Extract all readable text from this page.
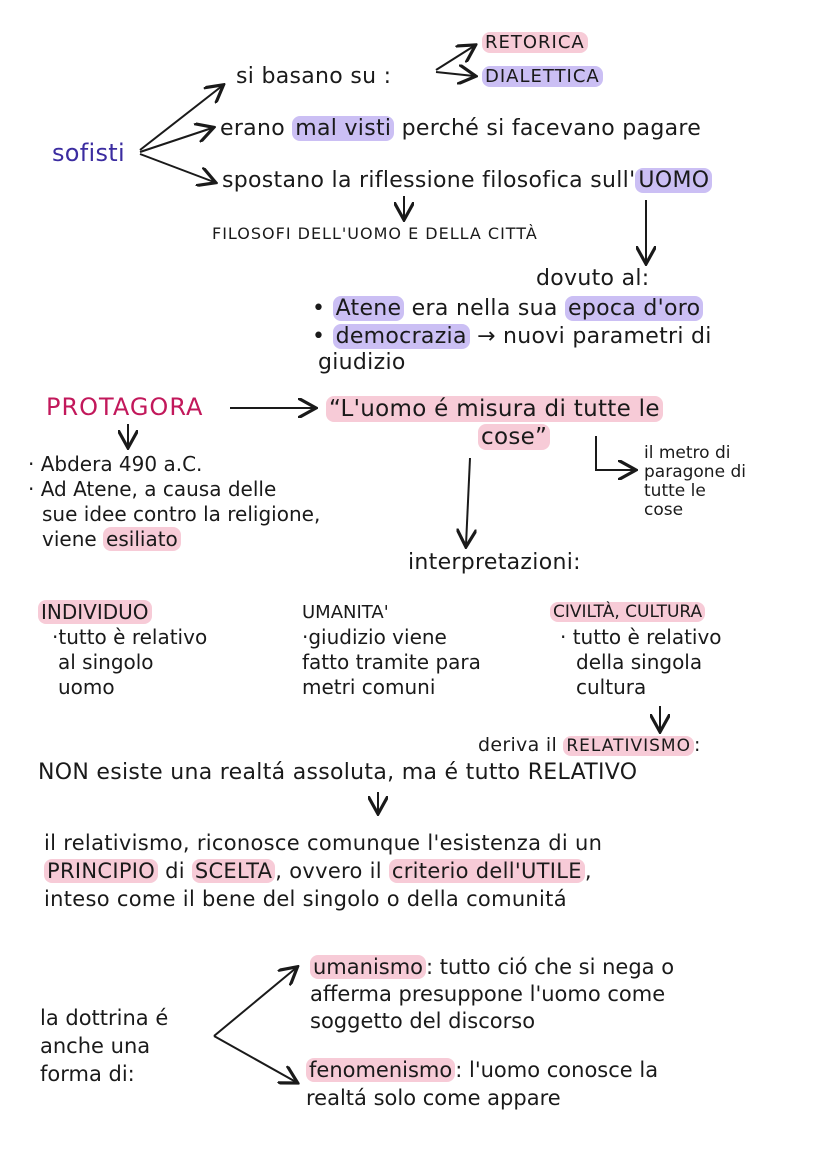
sofisti
si basano su :
RETORICA
DIALETTICA
erano mal visti perché si facevano pagare
spostano la riflessione filosofica sull' UOMO
FILOSOFI DELL'UOMO E DELLA CITTÀ
dovuto al:
• Atene era nella sua epoca d'oro
• democrazia → nuovi parametri di
giudizio
PROTAGORA	“L'uomo é misura di tutte le
cose”
il metro di
paragone di
tutte le
cose
· Abdera 490 a.C.
· Ad Atene, a causa delle
sue idee contro la religione,
viene esiliato
interpretazioni:
INDIVIDUO
·tutto è relativo
al singolo
uomo
UMANITA'
·giudizio viene
fatto tramite para
metri comuni
CIVILTÀ, CULTURA
· tutto è relativo
della singola
cultura
deriva il RELATIVISMO :
NON esiste una realtá assoluta, ma é tutto RELATIVO
il relativismo, riconosce comunque l'esistenza di un
PRINCIPIO di SCELTA , ovvero il criterio dell'UTILE ,
inteso come il bene del singolo o della comunitá
la dottrina é
anche una
forma di:
umanismo : tutto ció che si nega o
afferma presuppone l'uomo come
soggetto del discorso
fenomenismo : l'uomo conosce la
realtá solo come appare
